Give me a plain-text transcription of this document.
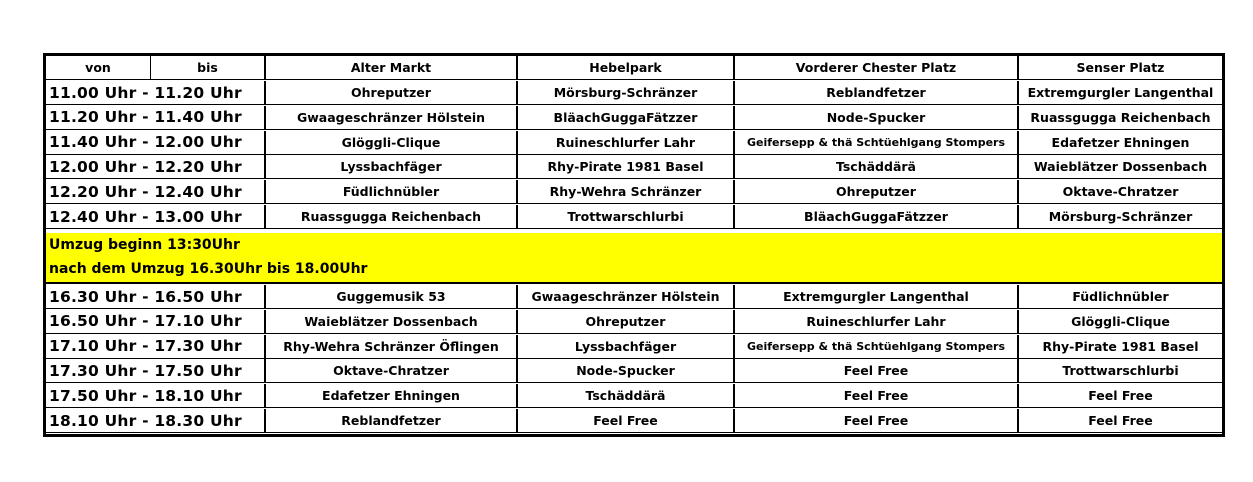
von	bis	Alter Markt	Hebelpark	Vorderer Chester Platz	Senser Platz
11.00 Uhr - 11.20 Uhr	Ohreputzer	Mörsburg-Schränzer	Reblandfetzer	Extremgurgler Langenthal
11.20 Uhr - 11.40 Uhr	Gwaageschränzer Hölstein	BläachGuggaFätzzer	Node-Spucker	Ruassgugga Reichenbach
11.40 Uhr - 12.00 Uhr	Glöggli-Clique	Ruineschlurfer Lahr	Geifersepp & thä Schtüehlgang Stompers	Edafetzer Ehningen
12.00 Uhr - 12.20 Uhr	Lyssbachfäger	Rhy-Pirate 1981 Basel	Tschäddärä	Waieblätzer Dossenbach
12.20 Uhr - 12.40 Uhr	Füdlichnübler	Rhy-Wehra Schränzer	Ohreputzer	Oktave-Chratzer
12.40 Uhr - 13.00 Uhr	Ruassgugga Reichenbach	Trottwarschlurbi	BläachGuggaFätzzer	Mörsburg-Schränzer
Umzug beginn 13:30Uhr
nach dem Umzug 16.30Uhr bis 18.00Uhr
16.30 Uhr - 16.50 Uhr	Guggemusik 53	Gwaageschränzer Hölstein	Extremgurgler Langenthal	Füdlichnübler
16.50 Uhr - 17.10 Uhr	Waieblätzer Dossenbach	Ohreputzer	Ruineschlurfer Lahr	Glöggli-Clique
17.10 Uhr - 17.30 Uhr	Rhy-Wehra Schränzer Öflingen	Lyssbachfäger	Geifersepp & thä Schtüehlgang Stompers	Rhy-Pirate 1981 Basel
17.30 Uhr - 17.50 Uhr	Oktave-Chratzer	Node-Spucker	Feel Free	Trottwarschlurbi
17.50 Uhr - 18.10 Uhr	Edafetzer Ehningen	Tschäddärä	Feel Free	Feel Free
18.10 Uhr - 18.30 Uhr	Reblandfetzer	Feel Free	Feel Free	Feel Free
